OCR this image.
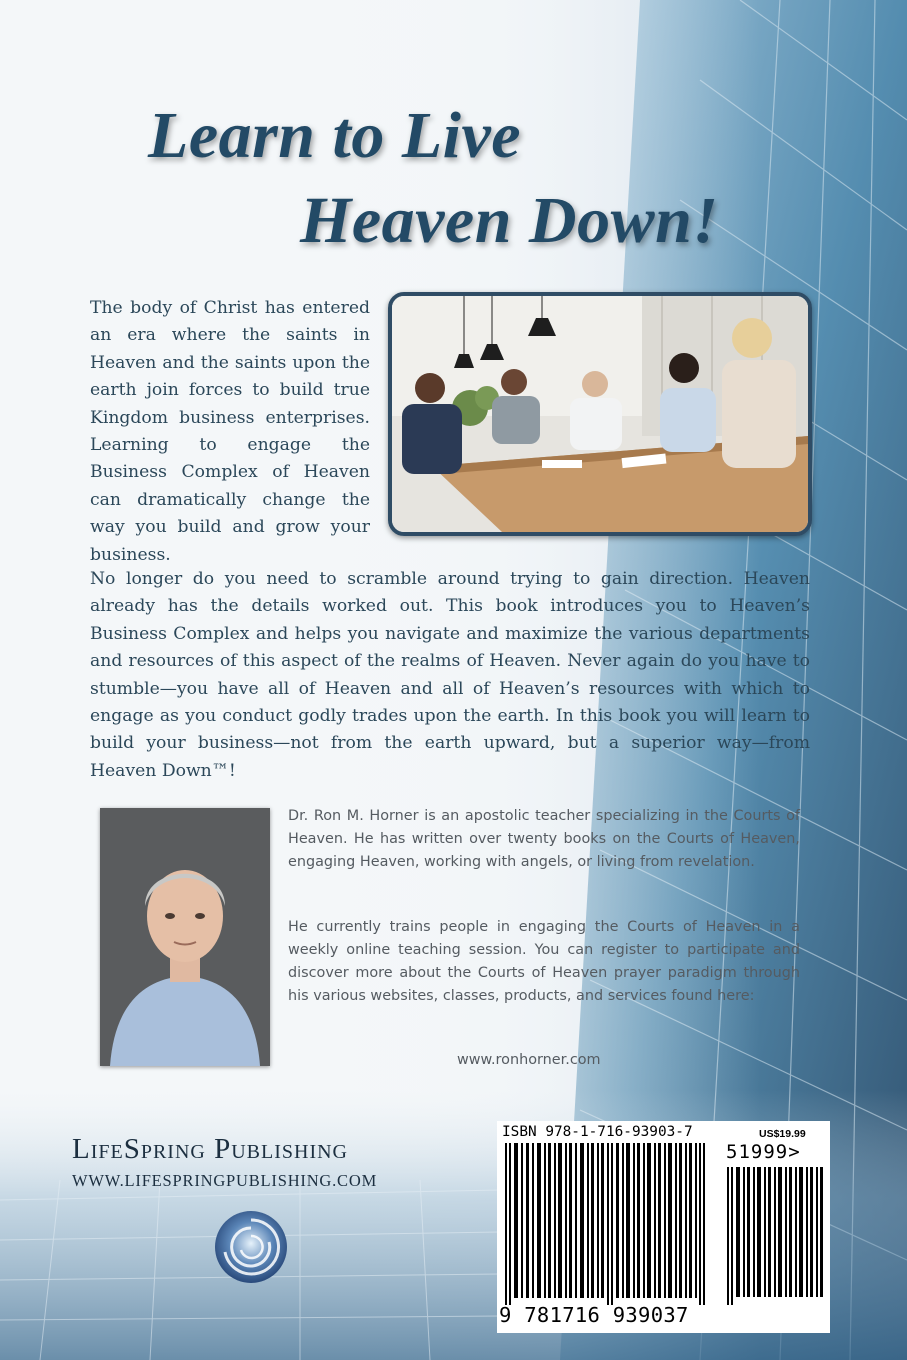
Learn to Live
Heaven Down!

The body of Christ has entered an era where the saints in Heaven and the saints upon the earth join forces to build true Kingdom business enterprises. Learning to engage the Business Complex of Heaven can dramatically change the way you build and grow your business.

No longer do you need to scramble around trying to gain direction. Heaven already has the details worked out. This book introduces you to Heaven’s Business Complex and helps you navigate and maximize the various departments and resources of this aspect of the realms of Heaven. Never again do you have to stumble—you have all of Heaven and all of Heaven’s resources with which to engage as you conduct godly trades upon the earth. In this book you will learn to build your business—not from the earth upward, but a superior way—from Heaven Down™!

Dr. Ron M. Horner is an apostolic teacher specializing in the Courts of Heaven. He has written over twenty books on the Courts of Heaven, engaging Heaven, working with angels, or living from revelation.

He currently trains people in engaging the Courts of Heaven in a weekly online teaching session. You can register to participate and discover more about the Courts of Heaven prayer paradigm through his various websites, classes, products, and services found here:

www.ronhorner.com

LifeSpring Publishing

WWW.LIFESPRINGPUBLISHING.COM

ISBN 978-1-716-93903-7	US$19.99

51999>

9 781716 939037
